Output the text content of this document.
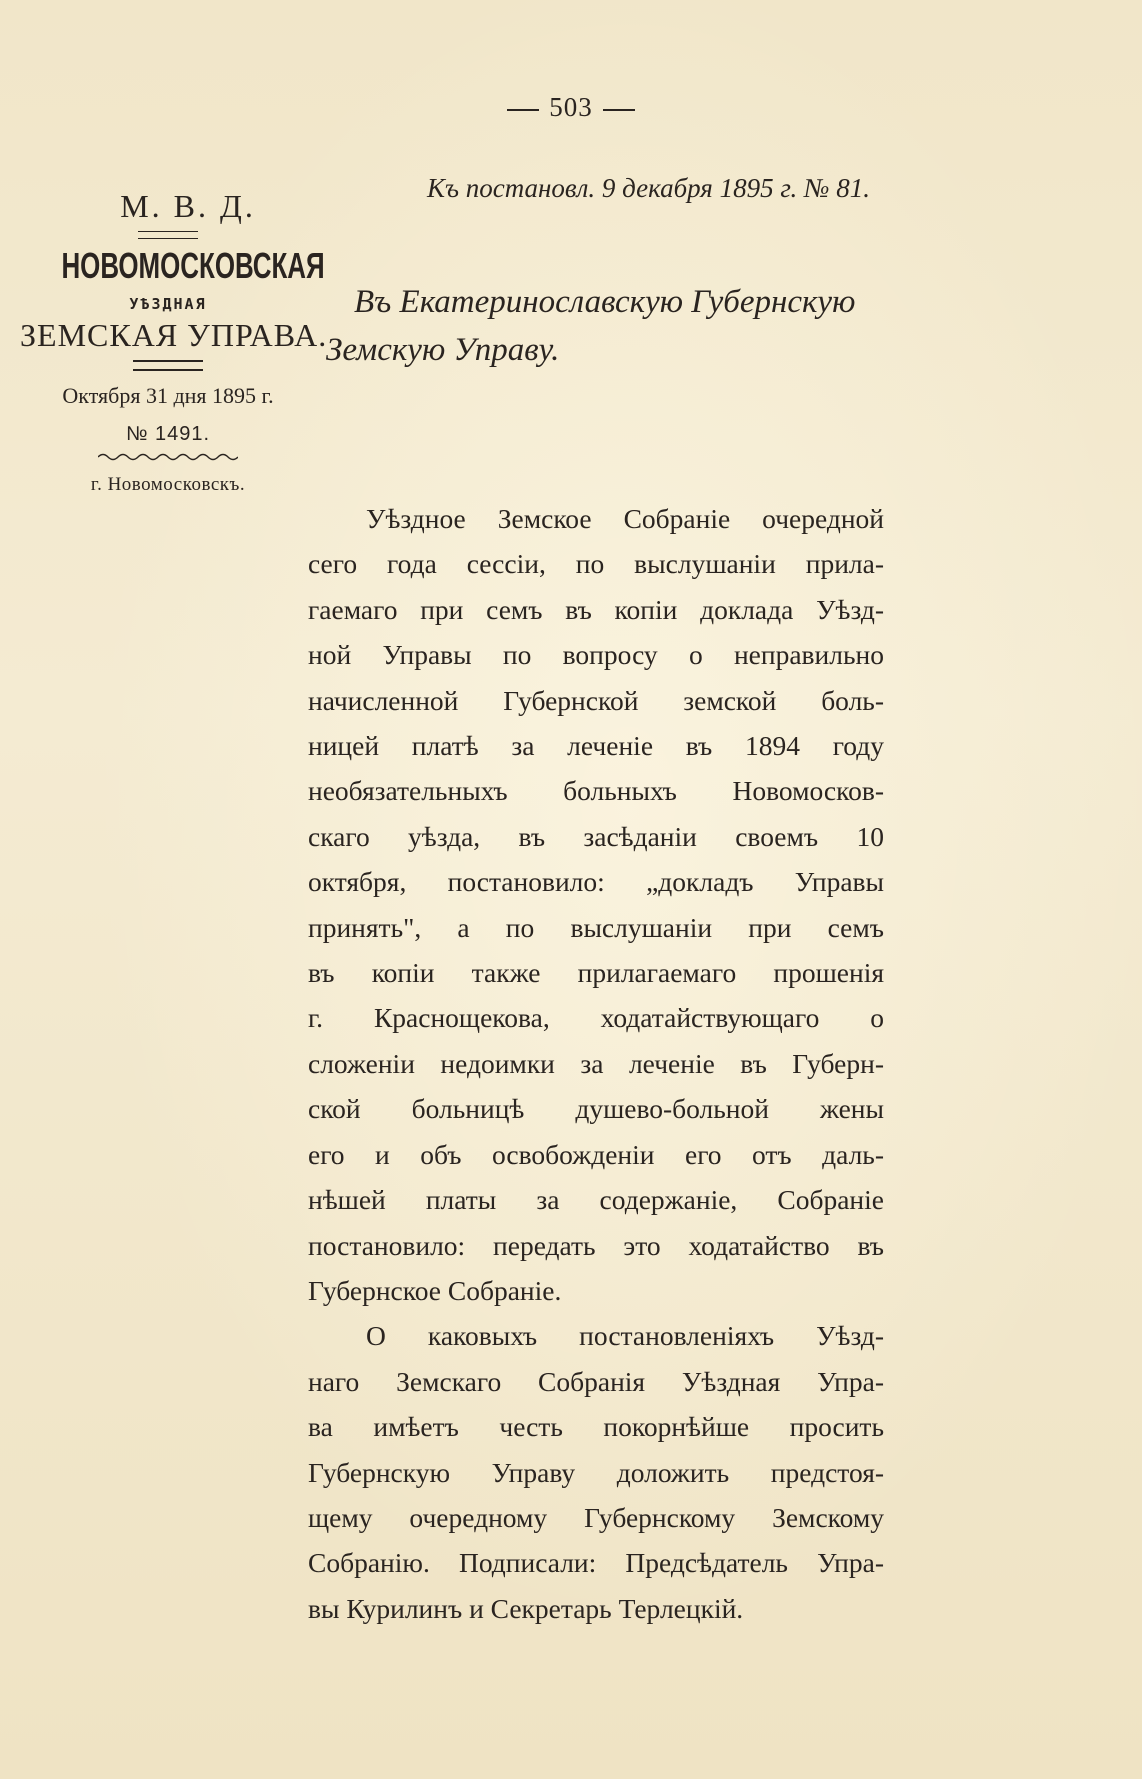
503
М. В. Д.
НОВОМОСКОВСКАЯ
УѢЗДНАЯ
ЗЕМСКАЯ УПРАВА.
Октября 31 дня 1895 г.
№ 1491.
г. Новомосковскъ.
Къ постановл. 9 декабря 1895 г. № 81.
Въ Екатеринославскую Губернскую
Земскую Управу.
Уѣздное Земское Собраніе очередной
сего года сессіи, по выслушаніи прила-
гаемаго при семъ въ копіи доклада Уѣзд-
ной Управы по вопросу о неправильно
начисленной Губернской земской боль-
ницей платѣ за леченіе въ 1894 году
необязательныхъ больныхъ Новомосков-
скаго уѣзда, въ засѣданіи своемъ 10
октября, постановило: „докладъ Управы
принять", а по выслушаніи при семъ
въ копіи также прилагаемаго прошенія
г. Краснощекова, ходатайствующаго о
сложеніи недоимки за леченіе въ Губерн-
ской больницѣ душево-больной жены
его и объ освобожденіи его отъ даль-
нѣшей платы за содержаніе, Собраніе
постановило: передать это ходатайство въ
Губернское Собраніе.
О каковыхъ постановленіяхъ Уѣзд-
наго Земскаго Собранія Уѣздная Упра-
ва имѣетъ честь покорнѣйше просить
Губернскую Управу доложить предстоя-
щему очередному Губернскому Земскому
Собранію. Подписали: Предсѣдатель Упра-
вы Курилинъ и Секретарь Терлецкій.
